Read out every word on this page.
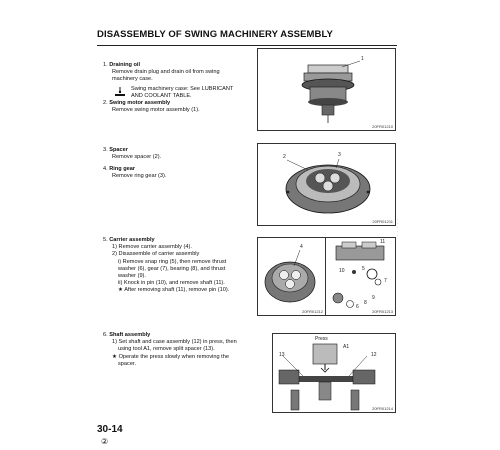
DISASSEMBLY OF SWING MACHINERY ASSEMBLY
1. Draining oil
Remove drain plug and drain oil from swing
machinery case.
Swing machinery case: See LUBRICANT
AND COOLANT TABLE.
2. Swing motor assembly
Remove swing motor assembly (1).
1
20FR01210
3. Spacer
Remove spacer (2).
4. Ring gear
Remove ring gear (3).
2	3
20FR01211
5. Carrier assembly
1) Remove carrier assembly (4).
2) Disassemble of carrier assembly
i) Remove snap ring (5), then remove thrust
washer (6), gear (7), bearing (8), and thrust
washer (9).
ii) Knock in pin (10), and remove shaft (11).
★ After removing shaft (11), remove pin (10).
4
20FR01212
11
10	5
7
9
8
6
20FR01213
6. Shaft assembly
1) Set shaft and case assembly (12) in press, then
using tool A1, remove split spacer (13).
★ Operate the press slowly when removing the
spacer.
Press
A1
13	12
20FR01214
·
·
·
·
·
30-14
②
